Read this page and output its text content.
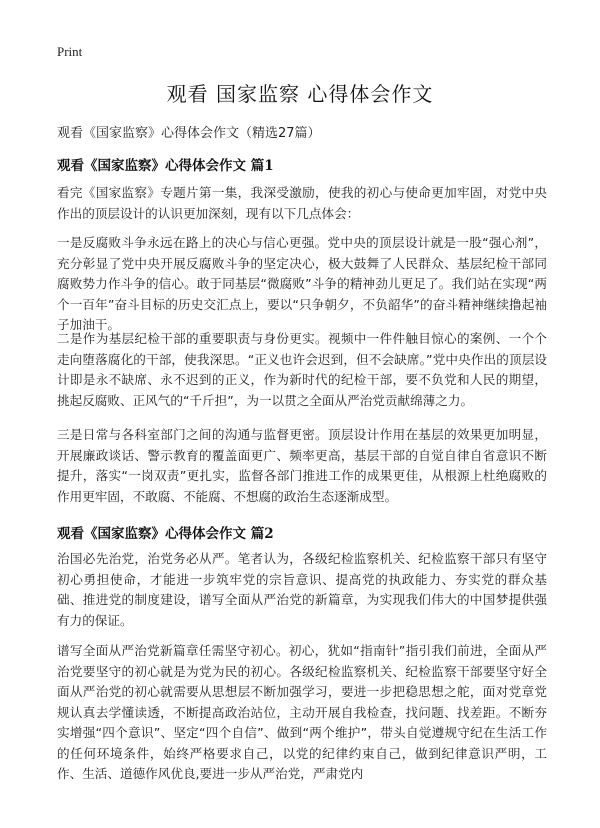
Print
观看 国家监察 心得体会作文
观看《国家监察》心得体会作文（精选27篇）
观看《国家监察》心得体会作文 篇1

看完《国家监察》专题片第一集，我深受激励，使我的初心与使命更加牢固，对党中央作出的顶层设计的认识更加深刻，现有以下几点体会：

一是反腐败斗争永远在路上的决心与信心更强。党中央的顶层设计就是一股“强心剂”，充分彰显了党中央开展反腐败斗争的坚定决心，极大鼓舞了人民群众、基层纪检干部同腐败势力作斗争的信心。敢于同基层“微腐败”斗争的精神劲儿更足了。我们站在实现“两个一百年”奋斗目标的历史交汇点上，要以“只争朝夕，不负韶华”的奋斗精神继续撸起袖子加油干。

二是作为基层纪检干部的重要职责与身份更实。视频中一件件触目惊心的案例、一个个走向堕落腐化的干部，使我深思。“正义也许会迟到，但不会缺席。”党中央作出的顶层设计即是永不缺席、永不迟到的正义，作为新时代的纪检干部，要不负党和人民的期望，挑起反腐败、正风气的“千斤担”，为一以贯之全面从严治党贡献绵薄之力。

三是日常与各科室部门之间的沟通与监督更密。顶层设计作用在基层的效果更加明显，开展廉政谈话、警示教育的覆盖面更广、频率更高，基层干部的自觉自律自省意识不断提升，落实“一岗双责”更扎实，监督各部门推进工作的成果更佳，从根源上杜绝腐败的作用更牢固，不敢腐、不能腐、不想腐的政治生态逐渐成型。

观看《国家监察》心得体会作文 篇2

治国必先治党，治党务必从严。笔者认为，各级纪检监察机关、纪检监察干部只有坚守初心勇担使命，才能进一步筑牢党的宗旨意识、提高党的执政能力、夯实党的群众基础、推进党的制度建设，谱写全面从严治党的新篇章，为实现我们伟大的中国梦提供强有力的保证。

谱写全面从严治党新篇章任需坚守初心。初心，犹如“指南针”指引我们前进，全面从严治党要坚守的初心就是为党为民的初心。各级纪检监察机关、纪检监察干部要坚守好全面从严治党的初心就需要从思想层不断加强学习，要进一步把稳思想之舵，面对党章党规认真去学懂读透，不断提高政治站位，主动开展自我检查，找问题、找差距。不断夯实增强“四个意识”、坚定“四个自信”、做到“两个维护”，带头自觉遵规守纪在生活工作的任何环境条件，始终严格要求自己，以党的纪律约束自己，做到纪律意识严明，工作、生活、道德作风优良,要进一步从严治党，严肃党内
